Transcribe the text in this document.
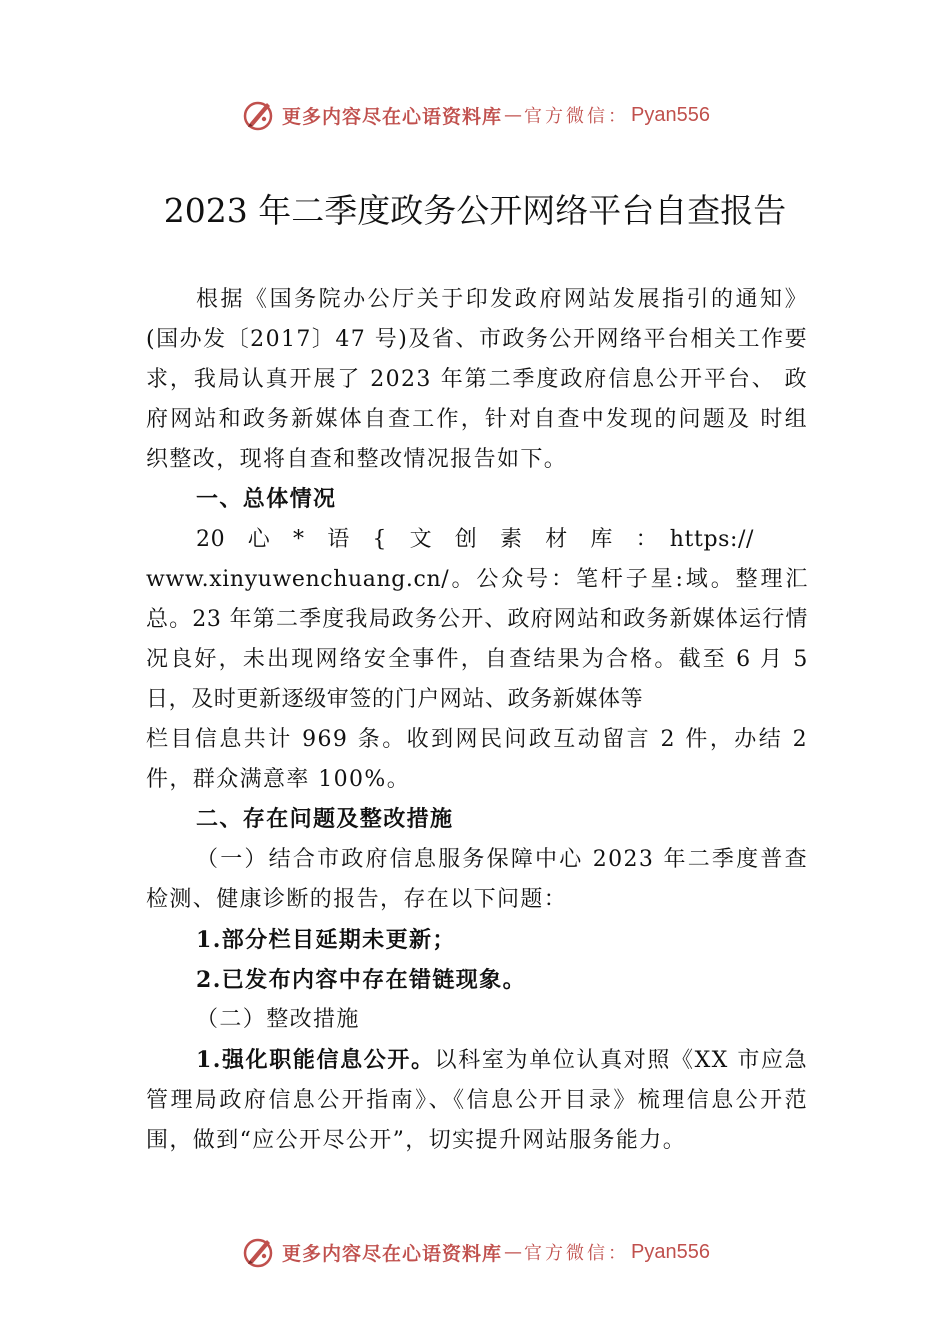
更多内容尽在心语资料库 — 官方微信： Pyan556
2023 年二季度政务公开网络平台自查报告

根据《国务院办公厅关于印发政府网站发展指引的通知》(国办发〔2017〕47 号)及省、市政务公开网络平台相关工作要求，我局认真开展了 2023 年第二季度政府信息公开平台、 政府网站和政务新媒体自查工作，针对自查中发现的问题及 时组织整改，现将自查和整改情况报告如下。

一、总体情况

20　心　*　语　{　文　创　素　材　库　：　https://

www.xinyuwenchuang.cn/。公众号：笔杆子星:域。整理汇总。23 年第二季度我局政务公开、政府网站和政务新媒体运行情况良好，未出现网络安全事件，自查结果为合格。截至 6 月 5 日，及时更新逐级审签的门户网站、政务新媒体等

栏目信息共计 969 条。收到网民问政互动留言 2 件，办结 2 件，群众满意率 100%。

二、存在问题及整改措施

（一）结合市政府信息服务保障中心 2023 年二季度普查检测、健康诊断的报告，存在以下问题：

1.部分栏目延期未更新；

2.已发布内容中存在错链现象。

（二）整改措施

1.强化职能信息公开。以科室为单位认真对照《XX 市应急管理局政府信息公开指南》、《信息公开目录》梳理信息公开范围，做到“应公开尽公开”，切实提升网站服务能力。

更多内容尽在心语资料库 — 官方微信： Pyan556
